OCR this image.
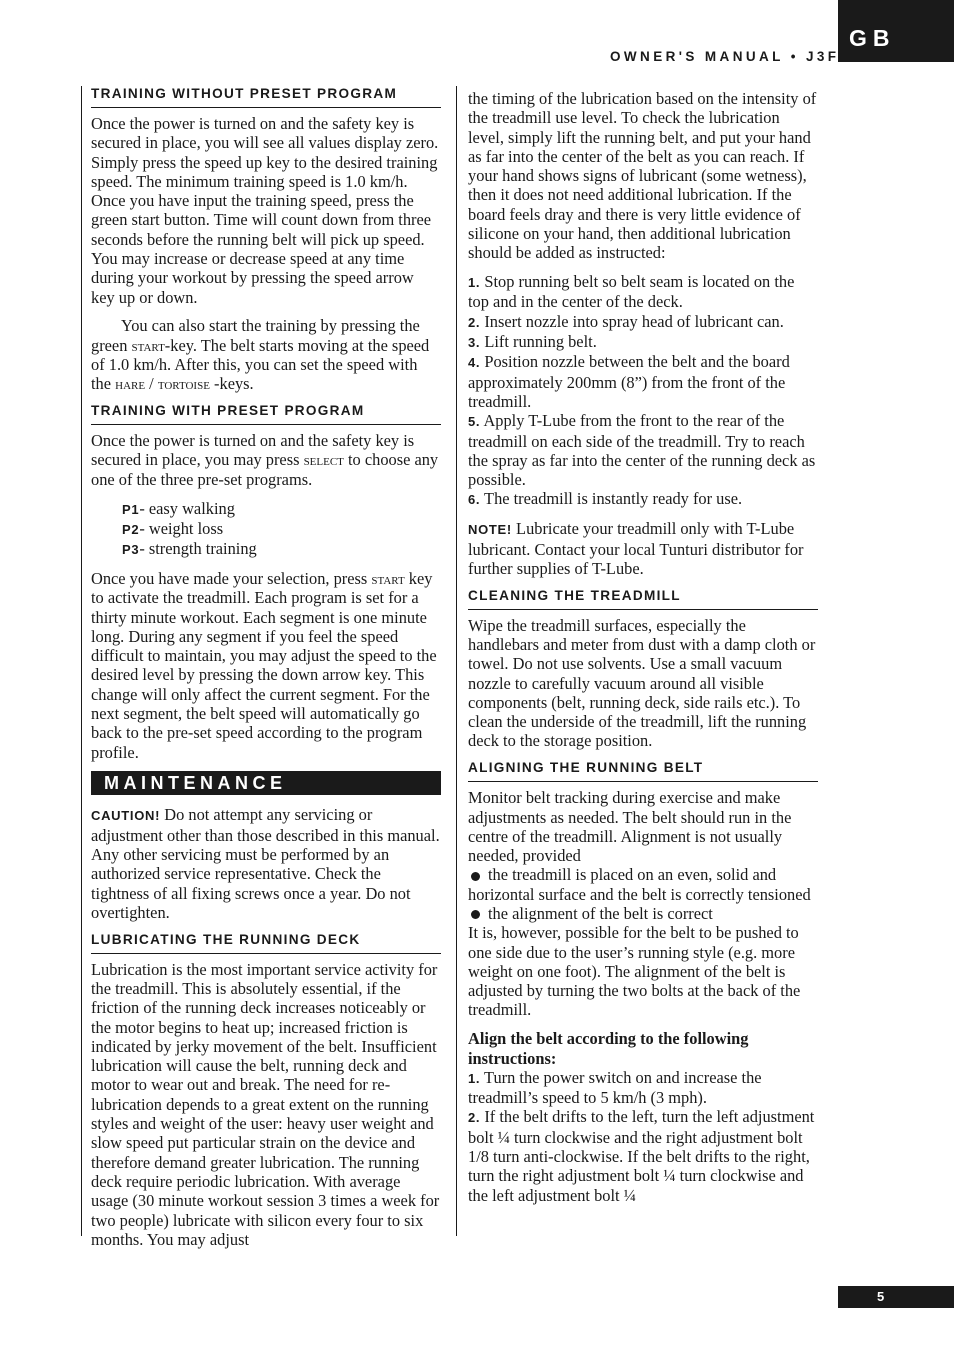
GB
OWNER'S MANUAL • J3F
TRAINING WITHOUT PRESET PROGRAM

Once the power is turned on and the safety key is secured in place, you will see all values display zero. Simply press the speed up key to the desired training speed. The minimum training speed is 1.0 km/h. Once you have input the training speed, press the green start button. Time will count down from three seconds before the running belt will pick up speed. You may increase or decrease speed at any time during your workout by pressing the speed arrow key up or down.

You can also start the training by pressing the green start-key. The belt starts moving at the speed of 1.0 km/h. After this, you can set the speed with the hare / tortoise -keys.

TRAINING WITH PRESET PROGRAM

Once the power is turned on and the safety key is secured in place, you may press select to choose any one of the three pre-set programs.

P1- easy walking
P2- weight loss
P3- strength training

Once you have made your selection, press start key to activate the treadmill. Each program is set for a thirty minute workout. Each segment is one minute long. During any segment if you feel the speed difficult to maintain, you may adjust the speed to the desired level by pressing the down arrow key. This change will only affect the current segment. For the next segment, the belt speed will automatically go back to the pre-set speed according to the program profile.

MAINTENANCE

CAUTION! Do not attempt any servicing or adjustment other than those described in this manual. Any other servicing must be performed by an authorized service representative. Check the tightness of all fixing screws once a year. Do not overtighten.

LUBRICATING THE RUNNING DECK

Lubrication is the most important service activity for the treadmill. This is absolutely essential, if the friction of the running deck increases noticeably or the motor begins to heat up; increased friction is indicated by jerky movement of the belt. Insufficient lubrication will cause the belt, running deck and motor to wear out and break. The need for re-lubrication depends to a great extent on the running styles and weight of the user: heavy user weight and slow speed put particular strain on the device and therefore demand greater lubrication. The running deck require periodic lubrication. With average usage (30 minute workout session 3 times a week for two people) lubricate with silicon every four to six months. You may adjust

the timing of the lubrication based on the intensity of the treadmill use level. To check the lubrication level, simply lift the running belt, and put your hand as far into the center of the belt as you can reach. If your hand shows signs of lubricant (some wetness), then it does not need additional lubrication. If the board feels dray and there is very little evidence of silicone on your hand, then additional lubrication should be added as instructed:

1. Stop running belt so belt seam is located on the top and in the center of the deck.
2. Insert nozzle into spray head of lubricant can.
3. Lift running belt.
4. Position nozzle between the belt and the board approximately 200mm (8”) from the front of the treadmill.
5. Apply T-Lube from the front to the rear of the treadmill on each side of the treadmill. Try to reach the spray as far into the center of the running deck as possible.
6. The treadmill is instantly ready for use.

NOTE! Lubricate your treadmill only with T-Lube lubricant. Contact your local Tunturi distributor for further supplies of T-Lube.

CLEANING THE TREADMILL

Wipe the treadmill surfaces, especially the handlebars and meter from dust with a damp cloth or towel. Do not use solvents. Use a small vacuum nozzle to carefully vacuum around all visible components (belt, running deck, side rails etc.). To clean the underside of the treadmill, lift the running deck to the storage position.

ALIGNING THE RUNNING BELT
Monitor belt tracking during exercise and make adjustments as needed. The belt should run in the centre of the treadmill. Alignment is not usually needed, provided
the treadmill is placed on an even, solid and horizontal surface and the belt is correctly tensioned
the alignment of the belt is correct

It is, however, possible for the belt to be pushed to one side due to the user’s running style (e.g. more weight on one foot). The alignment of the belt is adjusted by turning the two bolts at the back of the treadmill.

Align the belt according to the following instructions:
1. Turn the power switch on and increase the treadmill’s speed to 5 km/h (3 mph).
2. If the belt drifts to the left, turn the left adjustment bolt ¼ turn clockwise and the right adjustment bolt 1/8 turn anti-clockwise. If the belt drifts to the right, turn the right adjustment bolt ¼ turn clockwise and the left adjustment bolt ¼
5
